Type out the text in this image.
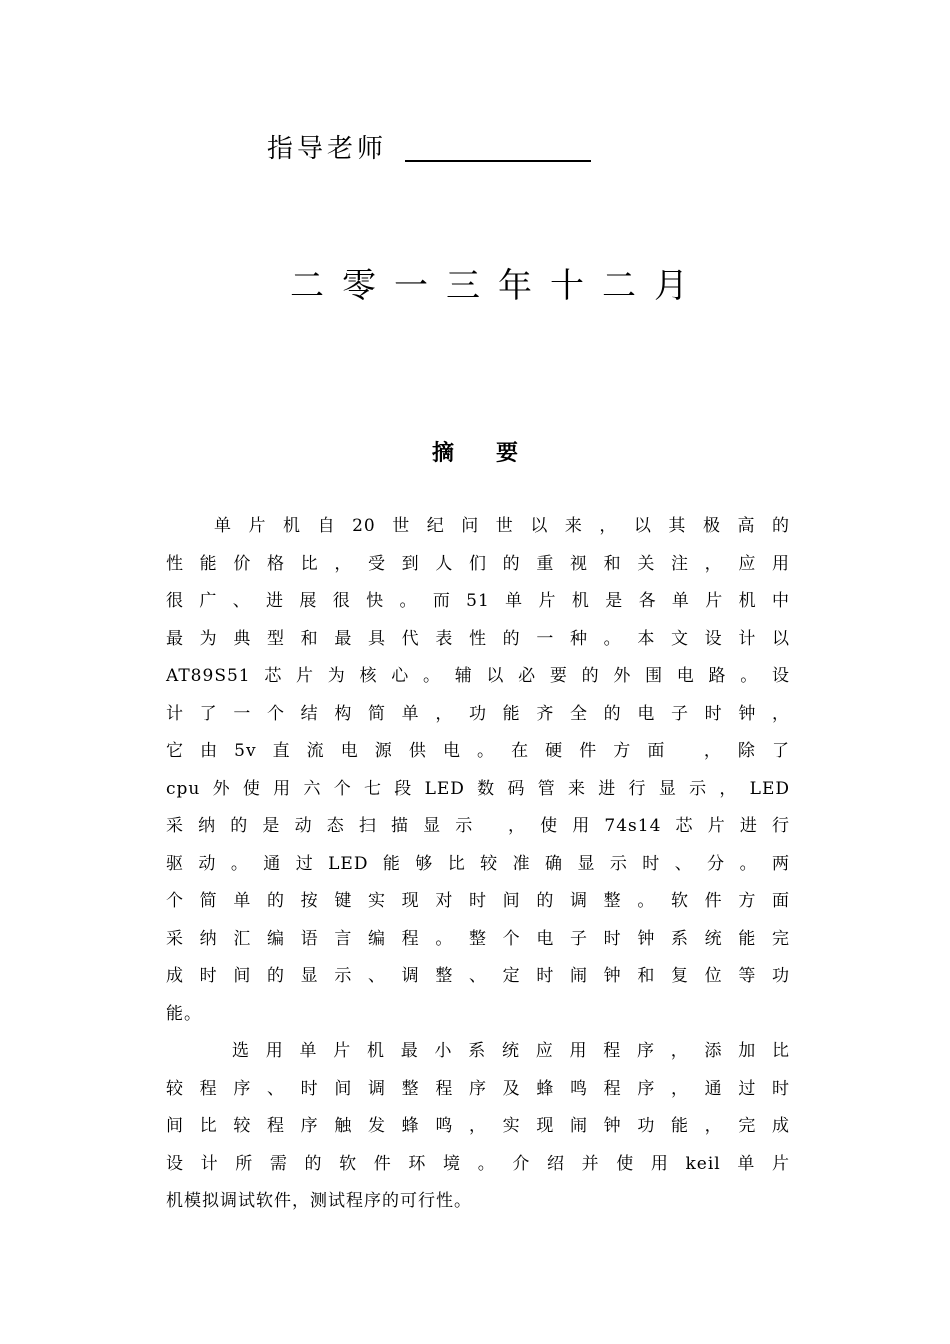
指导老师
二零一三年十二月
摘 要
单片机自20世纪问世以来，以其极高的
性能价格比，受到人们的重视和关注，应用
很广、进展很快。而51单片机是各单片机中
最为典型和最具代表性的一种。本文设计以
AT89S51芯片为核心。辅以必要的外围电路。设
计了一个结构简单，功能齐全的电子时钟，
它由5v直流电源供电。在硬件方面 ，除了
cpu外使用六个七段LED数码管来进行显示，LED
采纳的是动态扫描显示 ，使用74s14芯片进行
驱动。通过LED能够比较准确显示时、分。两
个简单的按键实现对时间的调整。软件方面
采纳汇编语言编程。整个电子时钟系统能完
成时间的显示、调整、定时闹钟和复位等功
能。
选用单片机最小系统应用程序，添加比
较程序、时间调整程序及蜂鸣程序，通过时
间比较程序触发蜂鸣，实现闹钟功能，完成
设计所需的软件环境。介绍并使用keil单片
机模拟调试软件，测试程序的可行性。
